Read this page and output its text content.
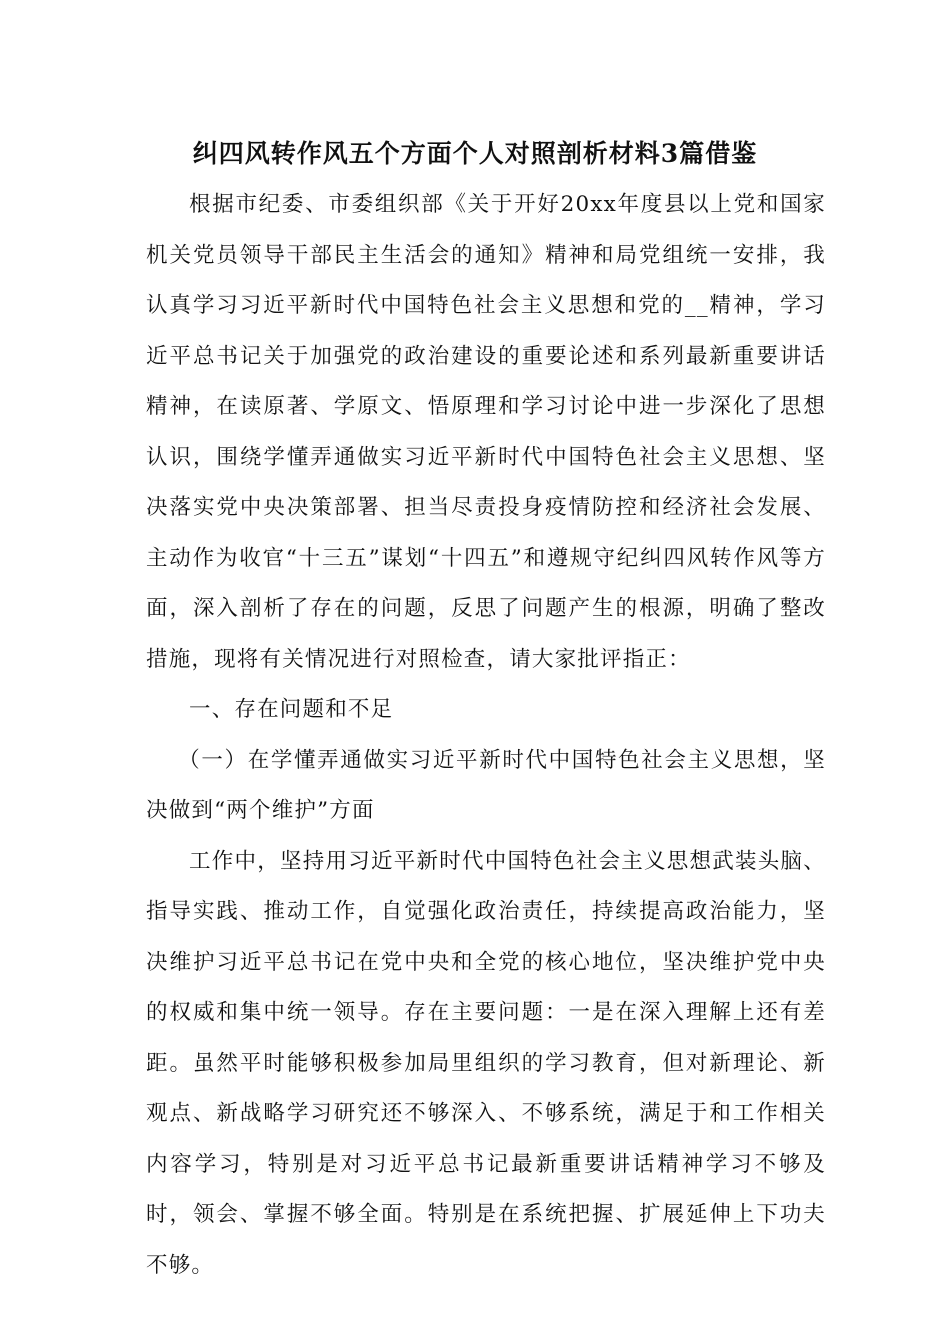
纠四风转作风五个方面个人对照剖析材料3篇借鉴

根据市纪委、市委组织部《关于开好20xx年度县以上党和国家机关党员领导干部民主生活会的通知》精神和局党组统一安排，我认真学习习近平新时代中国特色社会主义思想和党的__精神，学习近平总书记关于加强党的政治建设的重要论述和系列最新重要讲话精神，在读原著、学原文、悟原理和学习讨论中进一步深化了思想认识，围绕学懂弄通做实习近平新时代中国特色社会主义思想、坚决落实党中央决策部署、担当尽责投身疫情防控和经济社会发展、主动作为收官“十三五”谋划“十四五”和遵规守纪纠四风转作风等方面，深入剖析了存在的问题，反思了问题产生的根源，明确了整改措施，现将有关情况进行对照检查，请大家批评指正：

一、存在问题和不足

（一）在学懂弄通做实习近平新时代中国特色社会主义思想，坚决做到“两个维护”方面

工作中，坚持用习近平新时代中国特色社会主义思想武装头脑、指导实践、推动工作，自觉强化政治责任，持续提高政治能力，坚决维护习近平总书记在党中央和全党的核心地位，坚决维护党中央的权威和集中统一领导。存在主要问题：一是在深入理解上还有差距。虽然平时能够积极参加局里组织的学习教育，但对新理论、新观点、新战略学习研究还不够深入、不够系统，满足于和工作相关内容学习，特别是对习近平总书记最新重要讲话精神学习不够及时，领会、掌握不够全面。特别是在系统把握、扩展延伸上下功夫不够。
